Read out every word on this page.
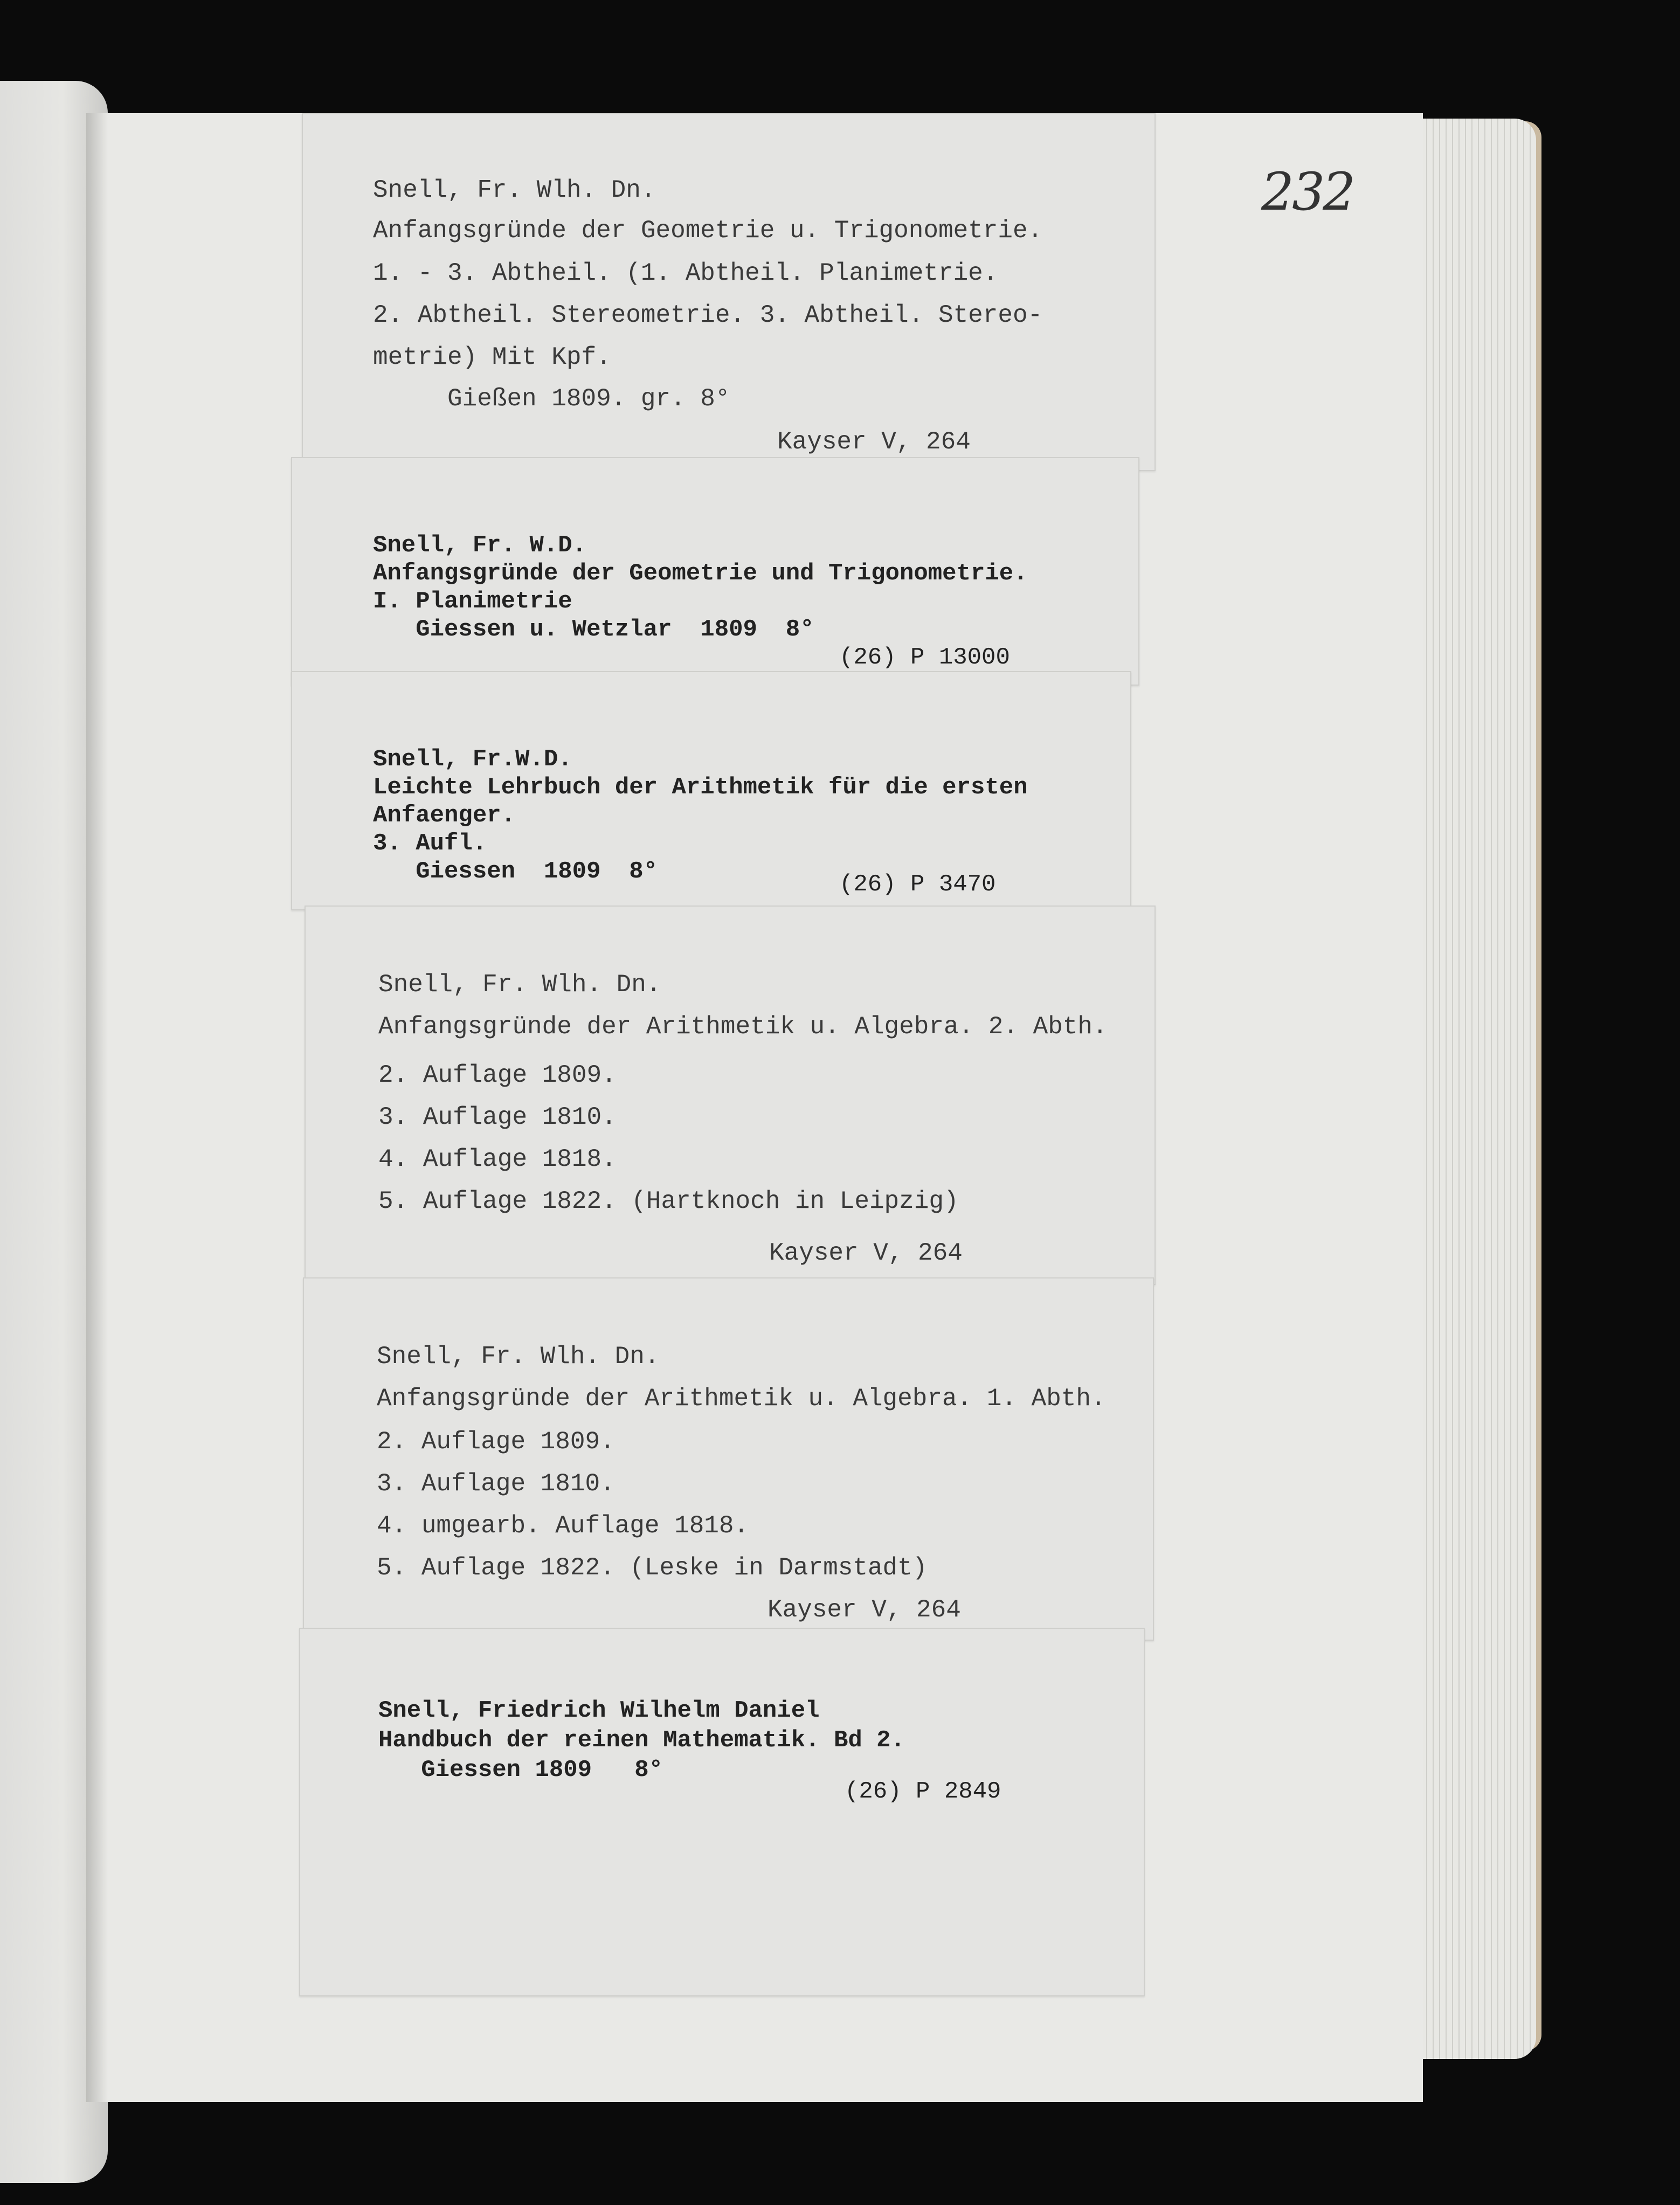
232

Snell, Fr. Wlh. Dn.

Anfangsgründe der Geometrie u. Trigonometrie.

1. - 3. Abtheil. (1. Abtheil. Planimetrie.

2. Abtheil. Stereometrie. 3. Abtheil. Stereo-

metrie) Mit Kpf.

Gießen 1809. gr. 8°

Kayser V, 264

Snell, Fr. W.D.

Anfangsgründe der Geometrie und Trigonometrie.

I. Planimetrie

Giessen u. Wetzlar  1809  8°

(26) P 13000

Snell, Fr.W.D.

Leichte Lehrbuch der Arithmetik für die ersten

Anfaenger.

3. Aufl.

Giessen  1809  8°

	(26) P 3470

Snell, Fr. Wlh. Dn.

Anfangsgründe der Arithmetik u. Algebra. 2. Abth.

2. Auflage 1809.

3. Auflage 1810.

4. Auflage 1818.

5. Auflage 1822. (Hartknoch in Leipzig)

Kayser V, 264

Snell, Fr. Wlh. Dn.

Anfangsgründe der Arithmetik u. Algebra. 1. Abth.

2. Auflage 1809.

3. Auflage 1810.

4. umgearb. Auflage 1818.

5. Auflage 1822. (Leske in Darmstadt)

Kayser V, 264

Snell, Friedrich Wilhelm Daniel

Handbuch der reinen Mathematik. Bd 2.

Giessen 1809   8°

(26) P 2849
